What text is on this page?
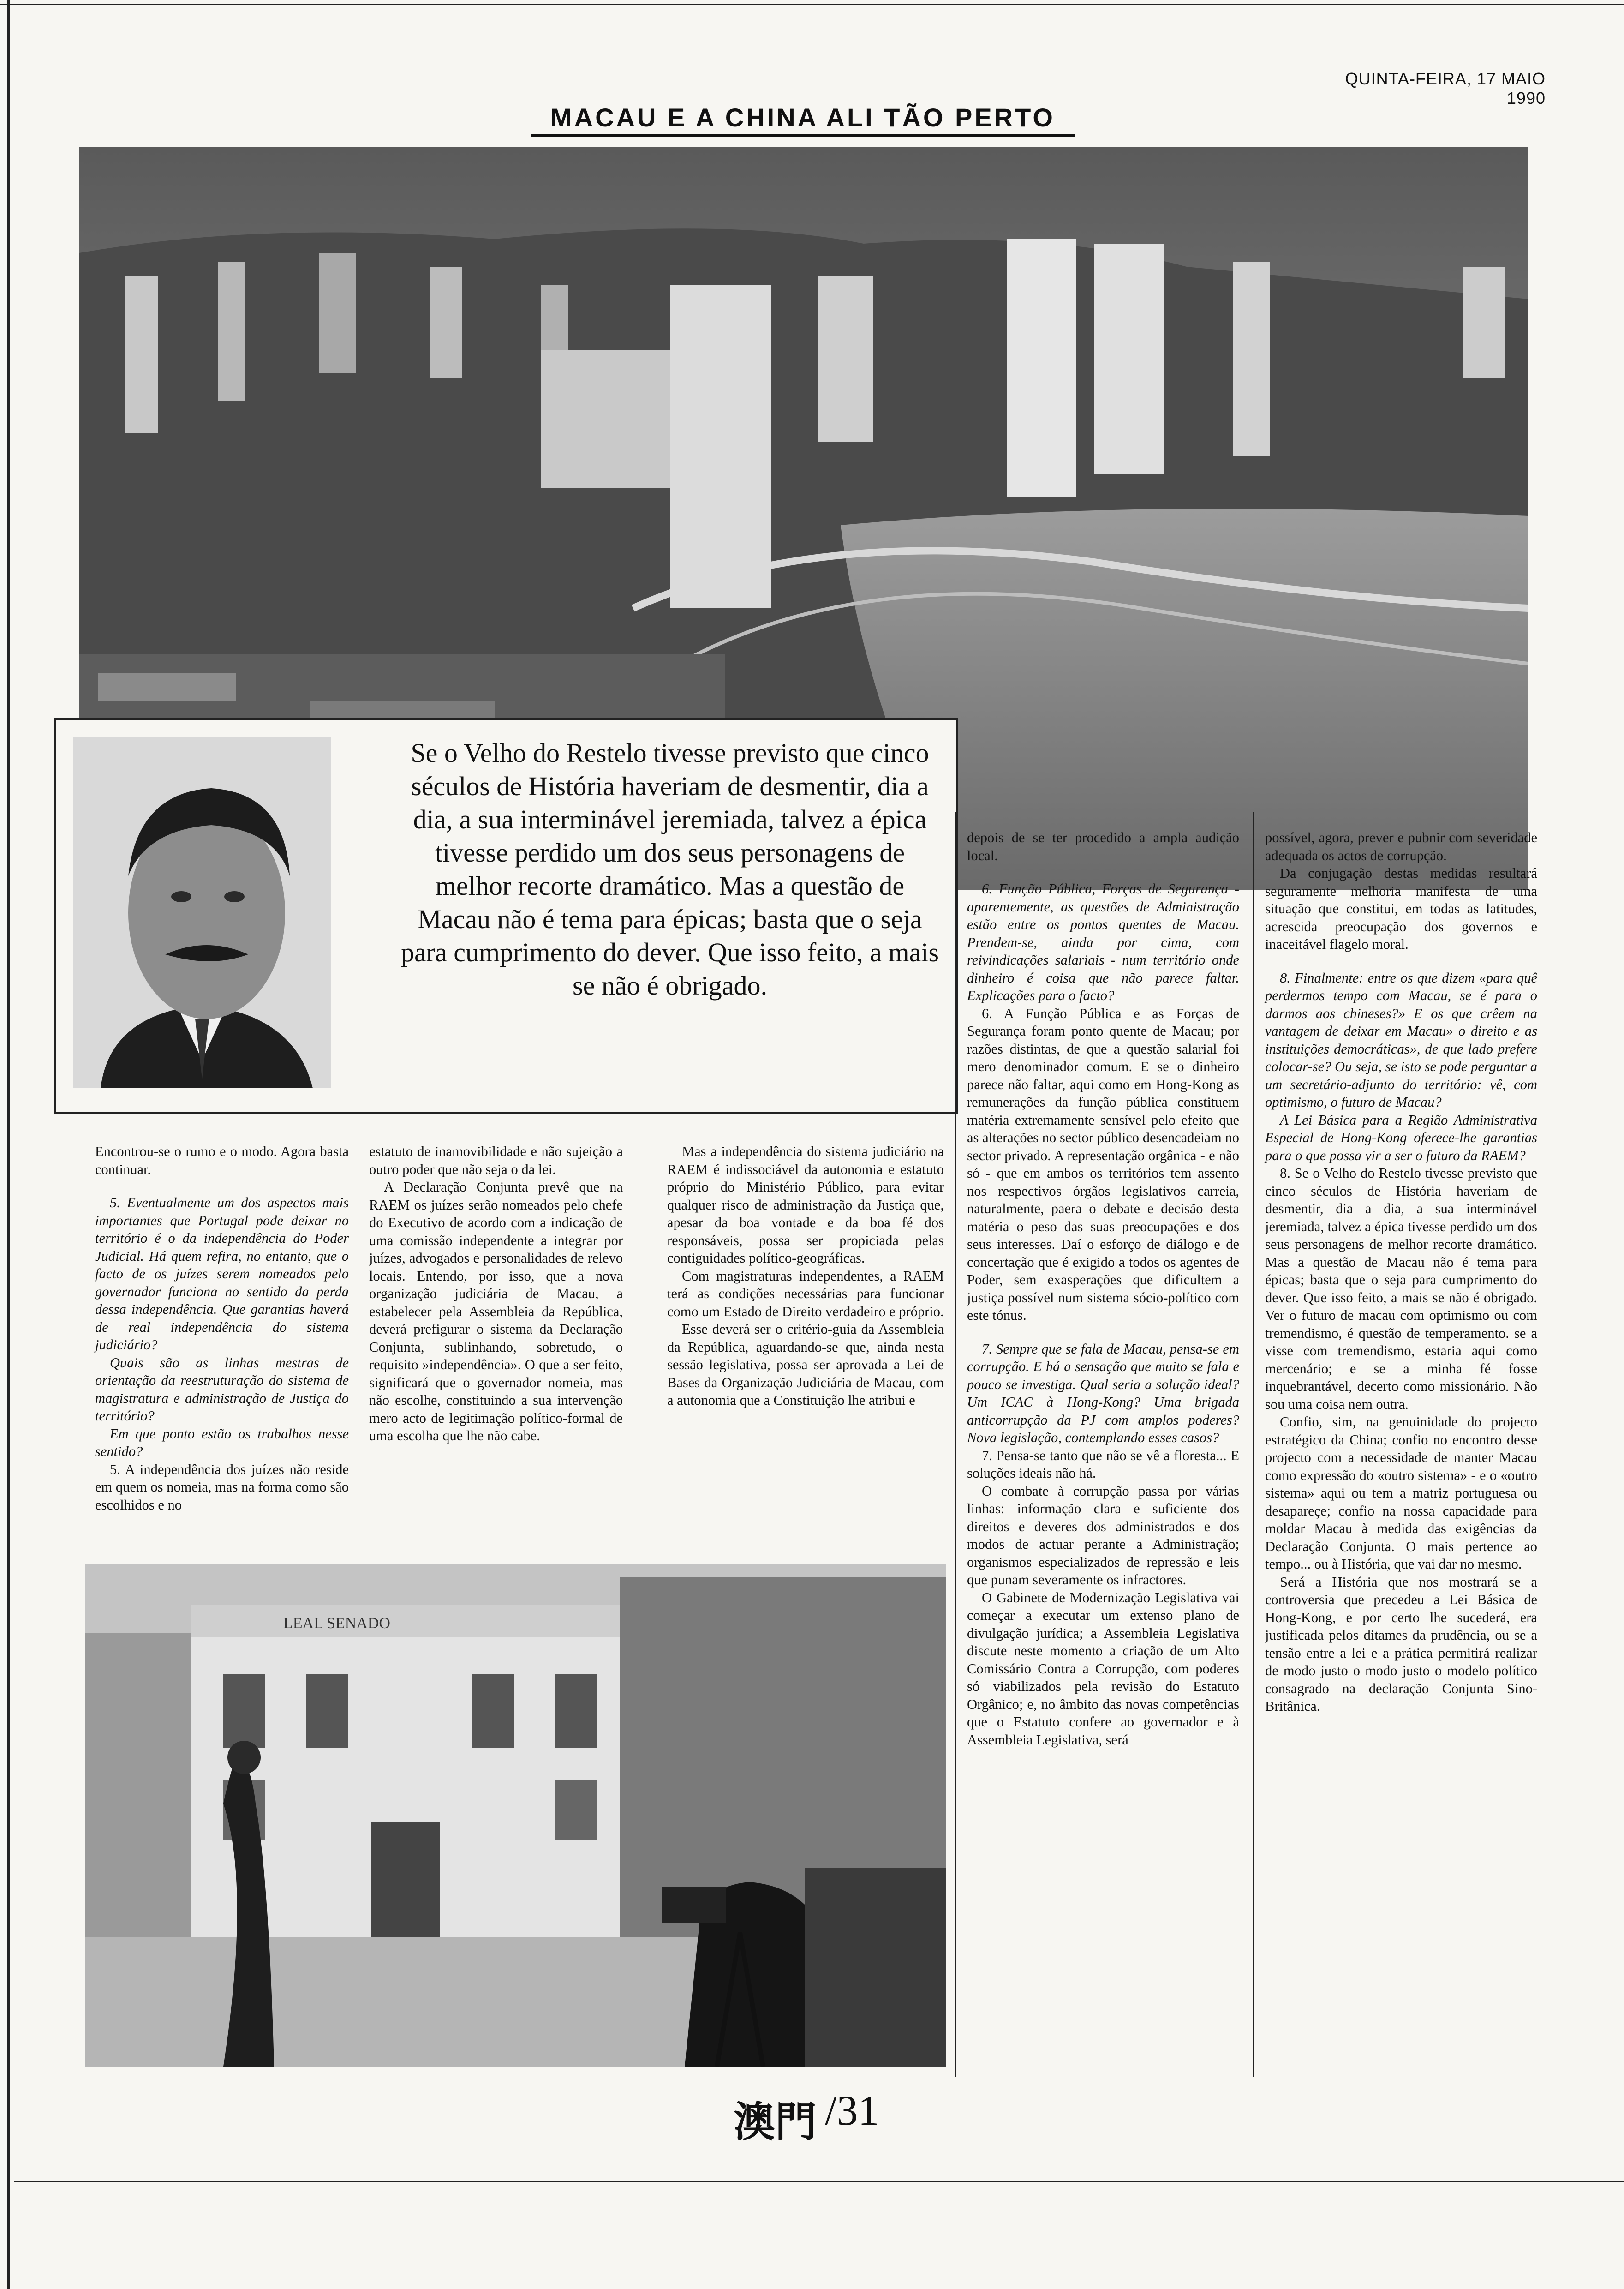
QUINTA-FEIRA, 17 MAIO 1990
MACAU E A CHINA ALI TÃO PERTO
Se o Velho do Restelo tivesse previsto que cinco séculos de História haveriam de desmentir, dia a dia, a sua interminável jeremiada, talvez a épica tivesse perdido um dos seus personagens de melhor recorte dramático. Mas a questão de Macau não é tema para épicas; basta que o seja para cumprimento do dever. Que isso feito, a mais se não é obrigado.

Encontrou-se o rumo e o modo. Agora basta continuar.

5. Eventualmente um dos aspectos mais importantes que Portugal pode deixar no território é o da independência do Poder Judicial. Há quem refira, no entanto, que o facto de os juízes serem nomeados pelo governador funciona no sentido da perda dessa independência. Que garantias haverá de real independência do sistema judiciário?

Quais são as linhas mestras de orientação da reestruturação do sistema de magistratura e administração de Justiça do território?

Em que ponto estão os trabalhos nesse sentido?

5. A independência dos juízes não reside em quem os nomeia, mas na forma como são escolhidos e no

estatuto de inamovibilidade e não sujeição a outro poder que não seja o da lei.

A Declaração Conjunta prevê que na RAEM os juízes serão nomeados pelo chefe do Executivo de acordo com a indicação de uma comissão independente a integrar por juízes, advogados e personalidades de relevo locais. Entendo, por isso, que a nova organização judiciária de Macau, a estabelecer pela Assembleia da República, deverá prefigurar o sistema da Declaração Conjunta, sublinhando, sobretudo, o requisito »independência». O que a ser feito, significará que o governador nomeia, mas não escolhe, constituindo a sua intervenção mero acto de legitimação político-formal de uma escolha que lhe não cabe.

Mas a independência do sistema judiciário na RAEM é indissociável da autonomia e estatuto próprio do Ministério Público, para evitar qualquer risco de administração da Justiça que, apesar da boa vontade e da boa fé dos responsáveis, possa ser propiciada pelas contiguidades político-geográficas.

Com magistraturas independentes, a RAEM terá as condições necessárias para funcionar como um Estado de Direito verdadeiro e próprio.

Esse deverá ser o critério-guia da Assembleia da República, aguardando-se que, ainda nesta sessão legislativa, possa ser aprovada a Lei de Bases da Organização Judiciária de Macau, com a autonomia que a Constituição lhe atribui e

depois de se ter procedido a ampla audição local.

6. Função Pública, Forças de Segurança - aparentemente, as questões de Administração estão entre os pontos quentes de Macau. Prendem-se, ainda por cima, com reivindicações salariais - num território onde dinheiro é coisa que não parece faltar. Explicações para o facto?

6. A Função Pública e as Forças de Segurança foram ponto quente de Macau; por razões distintas, de que a questão salarial foi mero denominador comum. E se o dinheiro parece não faltar, aqui como em Hong-Kong as remunerações da função pública constituem matéria extremamente sensível pelo efeito que as alterações no sector público desencadeiam no sector privado. A representação orgânica - e não só - que em ambos os territórios tem assento nos respectivos órgãos legislativos carreia, naturalmente, paera o debate e decisão desta matéria o peso das suas preocupações e dos seus interesses. Daí o esforço de diálogo e de concertação que é exigido a todos os agentes de Poder, sem exasperações que dificultem a justiça possível num sistema sócio-político com este tónus.

7. Sempre que se fala de Macau, pensa-se em corrupção. E há a sensação que muito se fala e pouco se investiga. Qual seria a solução ideal? Um ICAC à Hong-Kong? Uma brigada anticorrupção da PJ com amplos poderes? Nova legislação, contemplando esses casos?

7. Pensa-se tanto que não se vê a floresta... E soluções ideais não há.

O combate à corrupção passa por várias linhas: informação clara e suficiente dos direitos e deveres dos administrados e dos modos de actuar perante a Administração; organismos especializados de repressão e leis que punam severamente os infractores.

O Gabinete de Modernização Legislativa vai começar a executar um extenso plano de divulgação jurídica; a Assembleia Legislativa discute neste momento a criação de um Alto Comissário Contra a Corrupção, com poderes só viabilizados pela revisão do Estatuto Orgânico; e, no âmbito das novas competências que o Estatuto confere ao governador e à Assembleia Legislativa, será

possível, agora, prever e pubnir com severidade adequada os actos de corrupção.

Da conjugação destas medidas resultará seguramente melhoria manifesta de uma situação que constitui, em todas as latitudes, acrescida preocupação dos governos e inaceitável flagelo moral.

8. Finalmente: entre os que dizem «para quê perdermos tempo com Macau, se é para o darmos aos chineses?» E os que crêem na vantagem de deixar em Macau» o direito e as instituições democráticas», de que lado prefere colocar-se? Ou seja, se isto se pode perguntar a um secretário-adjunto do território: vê, com optimismo, o futuro de Macau?

A Lei Básica para a Região Administrativa Especial de Hong-Kong oferece-lhe garantias para o que possa vir a ser o futuro da RAEM?

8. Se o Velho do Restelo tivesse previsto que cinco séculos de História haveriam de desmentir, dia a dia, a sua interminável jeremiada, talvez a épica tivesse perdido um dos seus personagens de melhor recorte dramático. Mas a questão de Macau não é tema para épicas; basta que o seja para cumprimento do dever. Que isso feito, a mais se não é obrigado. Ver o futuro de macau com optimismo ou com tremendismo, é questão de temperamento. se a visse com tremendismo, estaria aqui como mercenário; e se a minha fé fosse inquebrantável, decerto como missionário. Não sou uma coisa nem outra.

Confio, sim, na genuinidade do projecto estratégico da China; confio no encontro desse projecto com a necessidade de manter Macau como expressão do «outro sistema» - e o «outro sistema» aqui ou tem a matriz portuguesa ou desapareçe; confio na nossa capacidade para moldar Macau à medida das exigências da Declaração Conjunta. O mais pertence ao tempo... ou à História, que vai dar no mesmo.

Será a História que nos mostrará se a controversia que precedeu a Lei Básica de Hong-Kong, e por certo lhe sucederá, era justificada pelos ditames da prudência, ou se a tensão entre a lei e a prática permitirá realizar de modo justo o modo justo o modelo político consagrado na declaração Conjunta Sino-Britânica.

LEAL SENADO
澳門 /31
